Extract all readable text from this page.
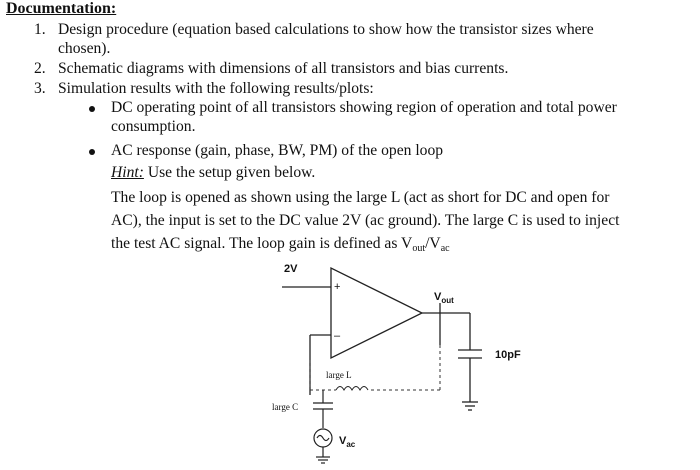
Documentation:
1. Design procedure (equation based calculations to show how the transistor sizes where
chosen).
2. Schematic diagrams with dimensions of all transistors and bias currents.
3. Simulation results with the following results/plots:
DC operating point of all transistors showing region of operation and total power
consumption.
AC response (gain, phase, BW, PM) of the open loop
Hint: Use the setup given below.
The loop is opened as shown using the large L (act as short for DC and open for
AC), the input is set to the DC value 2V (ac ground). The large C is used to inject
the test AC signal. The loop gain is defined as $V_{out}/V_{ac}$
2V
+
–
$V_{out}$
10pF
large L
large C
$V_{ac}$
